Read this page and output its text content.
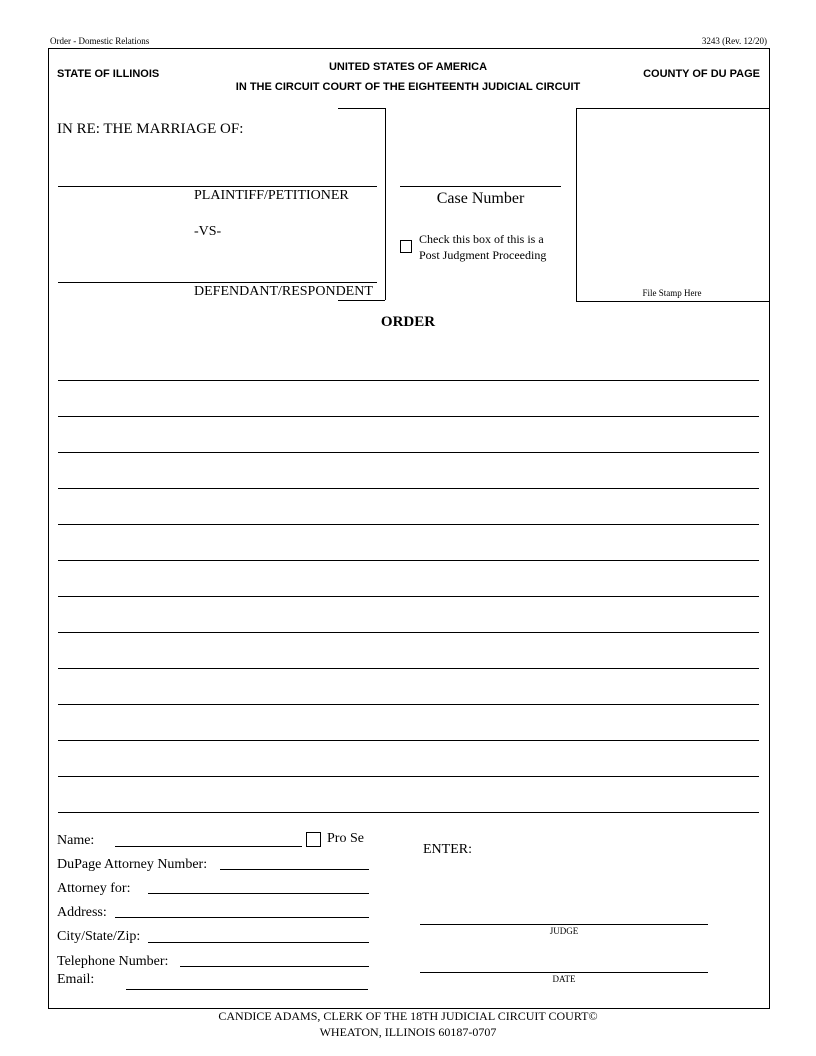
Order - Domestic Relations	3243 (Rev. 12/20)
STATE OF ILLINOIS
UNITED STATES OF AMERICA
IN THE CIRCUIT COURT OF THE EIGHTEENTH JUDICIAL CIRCUIT
COUNTY OF DU PAGE
IN RE: THE MARRIAGE OF:
PLAINTIFF/PETITIONER
-VS-
DEFENDANT/RESPONDENT
Case Number
Check this box of this is a
Post Judgment Proceeding
File Stamp Here
ORDER
Name:	Pro Se
DuPage Attorney Number:
Attorney for:
Address:
City/State/Zip:
Telephone Number:
Email:
ENTER:
JUDGE
DATE
CANDICE ADAMS, CLERK OF THE 18TH JUDICIAL CIRCUIT COURT©
WHEATON, ILLINOIS 60187-0707
